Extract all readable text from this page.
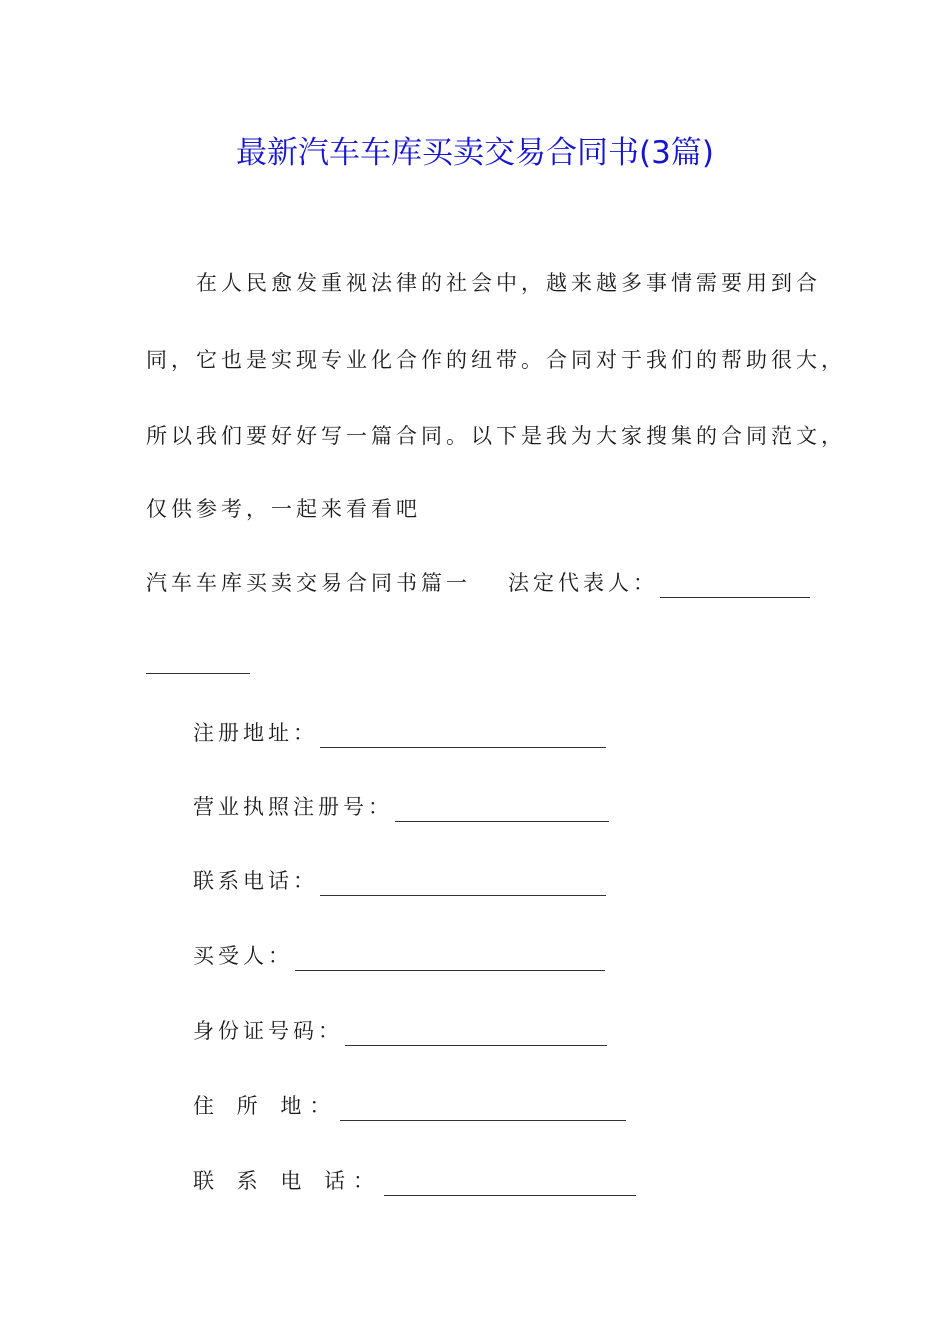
最新汽车车库买卖交易合同书(3篇)
在人民愈发重视法律的社会中，越来越多事情需要用到合
同，它也是实现专业化合作的纽带。合同对于我们的帮助很大，
所以我们要好好写一篇合同。以下是我为大家搜集的合同范文，
仅供参考，一起来看看吧
汽车车库买卖交易合同书篇一 法定代表人：
注册地址：
营业执照注册号：
联系电话：
买受人：
身份证号码：
住 所 地：
联 系 电 话：
